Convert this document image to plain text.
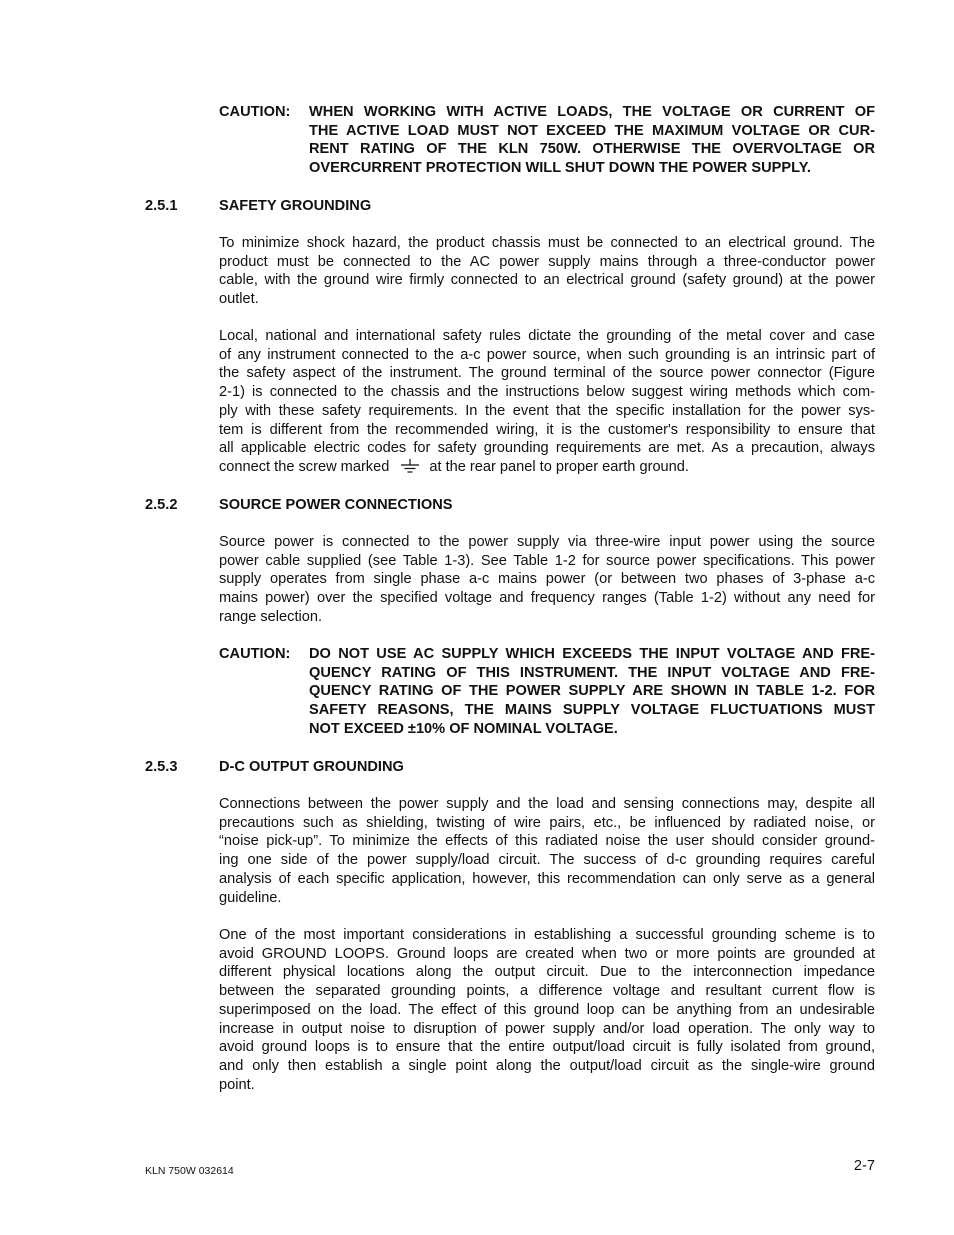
CAUTION: WHEN WORKING WITH ACTIVE LOADS, THE VOLTAGE OR CURRENT OF
THE ACTIVE LOAD MUST NOT EXCEED THE MAXIMUM VOLTAGE OR CUR-
RENT RATING OF THE KLN 750W. OTHERWISE THE OVERVOLTAGE OR
OVERCURRENT PROTECTION WILL SHUT DOWN THE POWER SUPPLY.
2.5.1	SAFETY GROUNDING
To minimize shock hazard, the product chassis must be connected to an electrical ground. The
product must be connected to the AC power supply mains through a three-conductor power
cable, with the ground wire firmly connected to an electrical ground (safety ground) at the power
outlet.
Local, national and international safety rules dictate the grounding of the metal cover and case
of any instrument connected to the a-c power source, when such grounding is an intrinsic part of
the safety aspect of the instrument. The ground terminal of the source power connector (Figure
2-1) is connected to the chassis and the instructions below suggest wiring methods which com-
ply with these safety requirements. In the event that the specific installation for the power sys-
tem is different from the recommended wiring, it is the customer's responsibility to ensure that
all applicable electric codes for safety grounding requirements are met. As a precaution, always
connect the screw marked	at the rear panel to proper earth ground.
2.5.2	SOURCE POWER CONNECTIONS
Source power is connected to the power supply via three-wire input power using the source
power cable supplied (see Table 1-3). See Table 1-2 for source power specifications. This power
supply operates from single phase a-c mains power (or between two phases of 3-phase a-c
mains power) over the specified voltage and frequency ranges (Table 1-2) without any need for
range selection.
CAUTION: DO NOT USE AC SUPPLY WHICH EXCEEDS THE INPUT VOLTAGE AND FRE-
QUENCY RATING OF THIS INSTRUMENT. THE INPUT VOLTAGE AND FRE-
QUENCY RATING OF THE POWER SUPPLY ARE SHOWN IN TABLE 1-2. FOR
SAFETY REASONS, THE MAINS SUPPLY VOLTAGE FLUCTUATIONS MUST
NOT EXCEED ±10% OF NOMINAL VOLTAGE.
2.5.3	D-C OUTPUT GROUNDING
Connections between the power supply and the load and sensing connections may, despite all
precautions such as shielding, twisting of wire pairs, etc., be influenced by radiated noise, or
“noise pick-up”. To minimize the effects of this radiated noise the user should consider ground-
ing one side of the power supply/load circuit. The success of d-c grounding requires careful
analysis of each specific application, however, this recommendation can only serve as a general
guideline.
One of the most important considerations in establishing a successful grounding scheme is to
avoid GROUND LOOPS. Ground loops are created when two or more points are grounded at
different physical locations along the output circuit. Due to the interconnection impedance
between the separated grounding points, a difference voltage and resultant current flow is
superimposed on the load. The effect of this ground loop can be anything from an undesirable
increase in output noise to disruption of power supply and/or load operation. The only way to
avoid ground loops is to ensure that the entire output/load circuit is fully isolated from ground,
and only then establish a single point along the output/load circuit as the single-wire ground
point.
KLN 750W 032614	2-7
